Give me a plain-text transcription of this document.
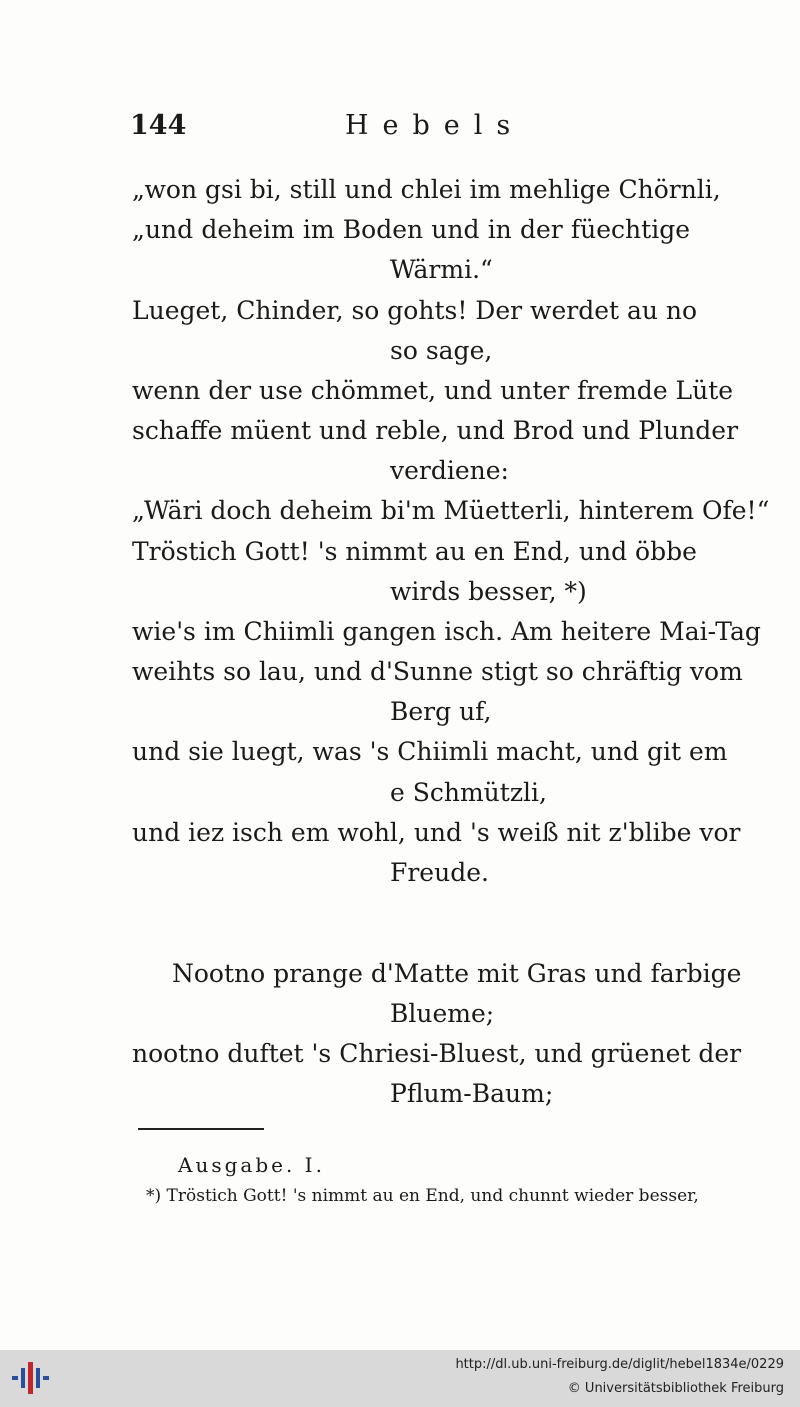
144	Hebels
„won gsi bi, still und chlei im mehlige Chörnli,
„und deheim im Boden und in der füechtige
Wärmi.“
Lueget, Chinder, so gohts! Der werdet au no
so sage,
wenn der use chömmet, und unter fremde Lüte
schaffe müent und reble, und Brod und Plunder
verdiene:
„Wäri doch deheim bi'm Müetterli, hinterem Ofe!“
Tröstich Gott! 's nimmt au en End, und öbbe
wirds besser, *)
wie's im Chiimli gangen isch. Am heitere Mai-Tag
weihts so lau, und d'Sunne stigt so chräftig vom
Berg uf,
und sie luegt, was 's Chiimli macht, und git em
e Schmützli,
und iez isch em wohl, und 's weiß nit z'blibe vor
Freude.
Nootno prange d'Matte mit Gras und farbige
Blueme;
nootno duftet 's Chriesi-Bluest, und grüenet der
Pflum-Baum;
Ausgabe. I.
*) Tröstich Gott! 's nimmt au en End, und chunnt wieder besser,
http://dl.ub.uni-freiburg.de/diglit/hebel1834e/0229
© Universitätsbibliothek Freiburg
